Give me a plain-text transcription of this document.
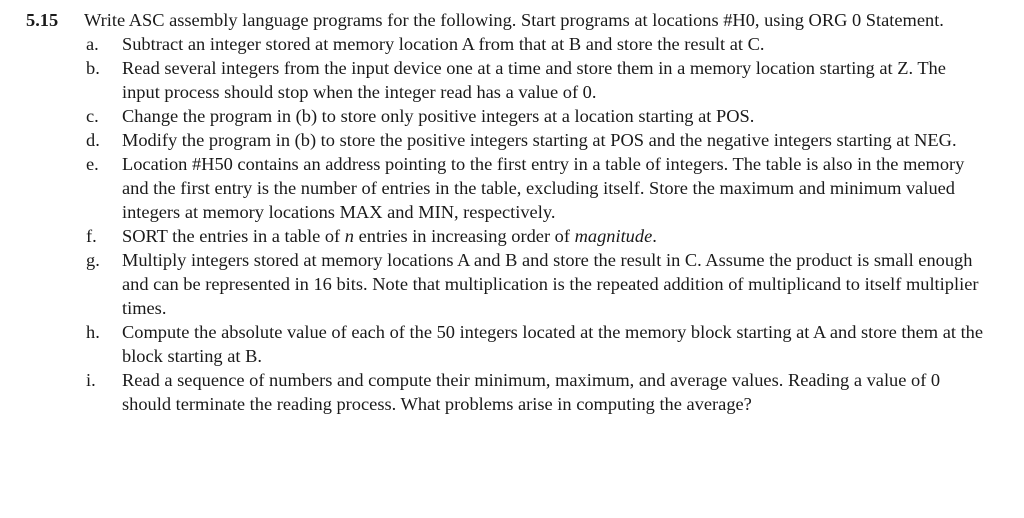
5.15 Write ASC assembly language programs for the following. Start programs at locations #H0, using ORG 0 Statement.
a. Subtract an integer stored at memory location A from that at B and store the result at C.
b. Read several integers from the input device one at a time and store them in a memory location starting at Z. The input process should stop when the integer read has a value of 0.
c. Change the program in (b) to store only positive integers at a location starting at POS.
d. Modify the program in (b) to store the positive integers starting at POS and the negative integers starting at NEG.
e. Location #H50 contains an address pointing to the first entry in a table of integers. The table is also in the memory and the first entry is the number of entries in the table, excluding itself. Store the maximum and minimum valued integers at memory locations MAX and MIN, respectively.
f. SORT the entries in a table of n entries in increasing order of magnitude.
g. Multiply integers stored at memory locations A and B and store the result in C. Assume the product is small enough and can be represented in 16 bits. Note that multiplication is the repeated addition of multiplicand to itself multiplier times.
h. Compute the absolute value of each of the 50 integers located at the memory block starting at A and store them at the block starting at B.
i. Read a sequence of numbers and compute their minimum, maximum, and average values. Reading a value of 0 should terminate the reading process. What problems arise in computing the average?
